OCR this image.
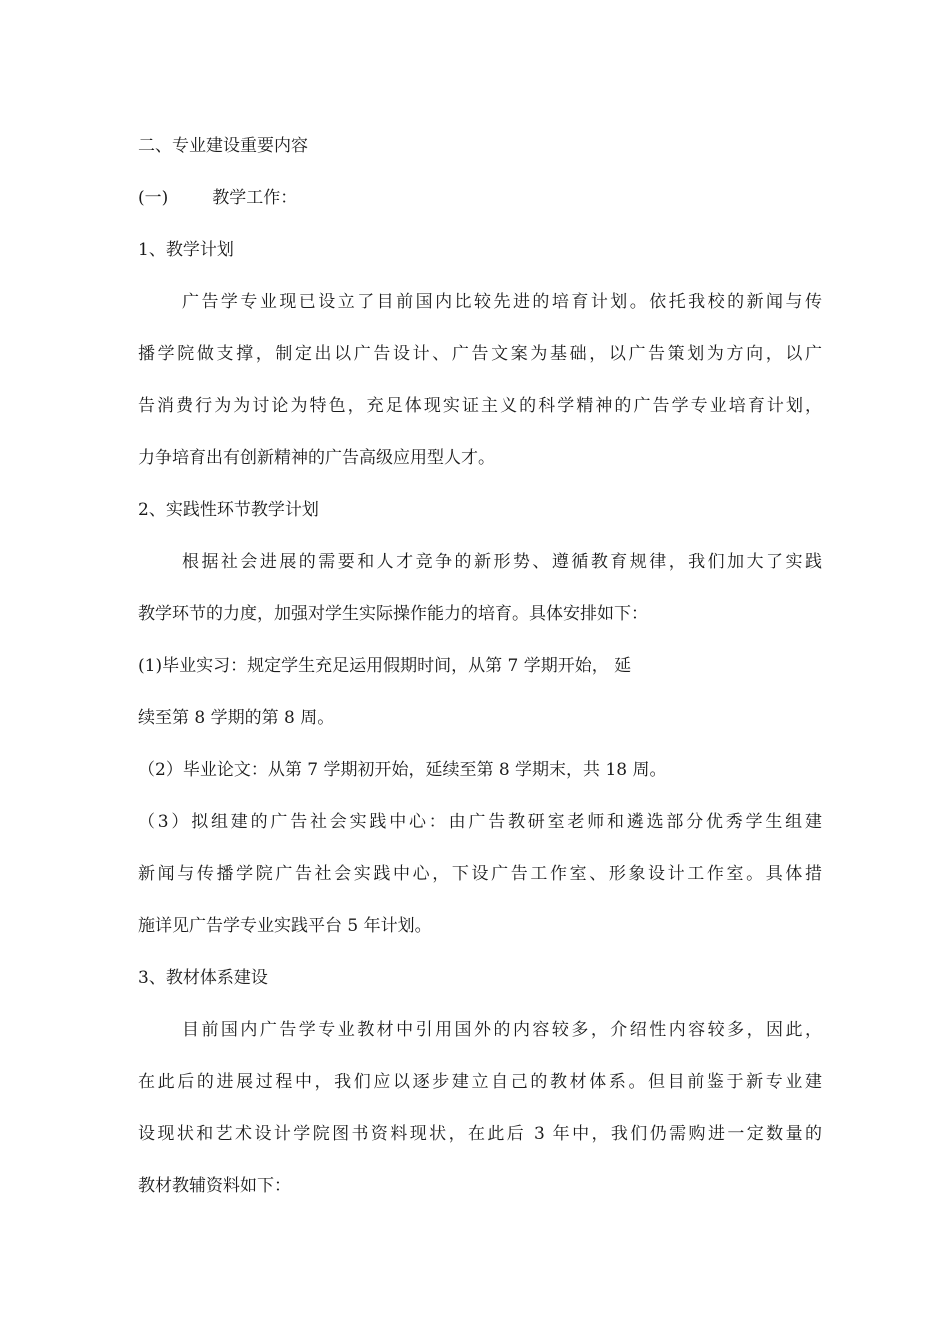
二、专业建设重要内容

(一)	教学工作：

1、教学计划

广告学专业现已设立了目前国内比较先进的培育计划。依托我校的新闻与传

播学院做支撑，制定出以广告设计、广告文案为基础，以广告策划为方向，以广

告消费行为为讨论为特色，充足体现实证主义的科学精神的广告学专业培育计划，

力争培育出有创新精神的广告高级应用型人才。

2、实践性环节教学计划

根据社会进展的需要和人才竞争的新形势、遵循教育规律，我们加大了实践

教学环节的力度，加强对学生实际操作能力的培育。具体安排如下：

(1)毕业实习：规定学生充足运用假期时间，从第 7 学期开始， 延

续至第 8 学期的第 8 周。

（2）毕业论文：从第 7 学期初开始，延续至第 8 学期末，共 18 周。

（3）拟组建的广告社会实践中心：由广告教研室老师和遴选部分优秀学生组建

新闻与传播学院广告社会实践中心，下设广告工作室、形象设计工作室。具体措

施详见广告学专业实践平台 5 年计划。

3、教材体系建设

目前国内广告学专业教材中引用国外的内容较多，介绍性内容较多，因此，

在此后的进展过程中，我们应以逐步建立自己的教材体系。但目前鉴于新专业建

设现状和艺术设计学院图书资料现状，在此后 3 年中，我们仍需购进一定数量的

教材教辅资料如下：
